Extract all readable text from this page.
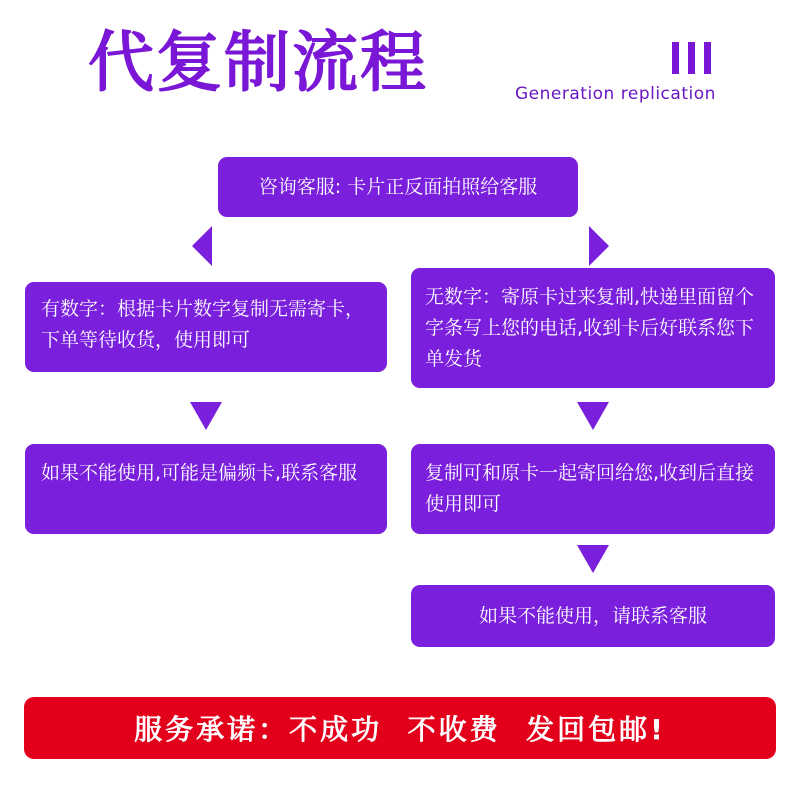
代复制流程	Generation replication
咨询客服: 卡片正反面拍照给客服
有数字：根据卡片数字复制无需寄卡，下单等待收货，使用即可
如果不能使用,可能是偏频卡,联系客服
无数字：寄原卡过来复制,快递里面留个字条写上您的电话,收到卡后好联系您下单发货
复制可和原卡一起寄回给您,收到后直接使用即可
如果不能使用，请联系客服
服务承诺：不成功  不收费  发回包邮!
